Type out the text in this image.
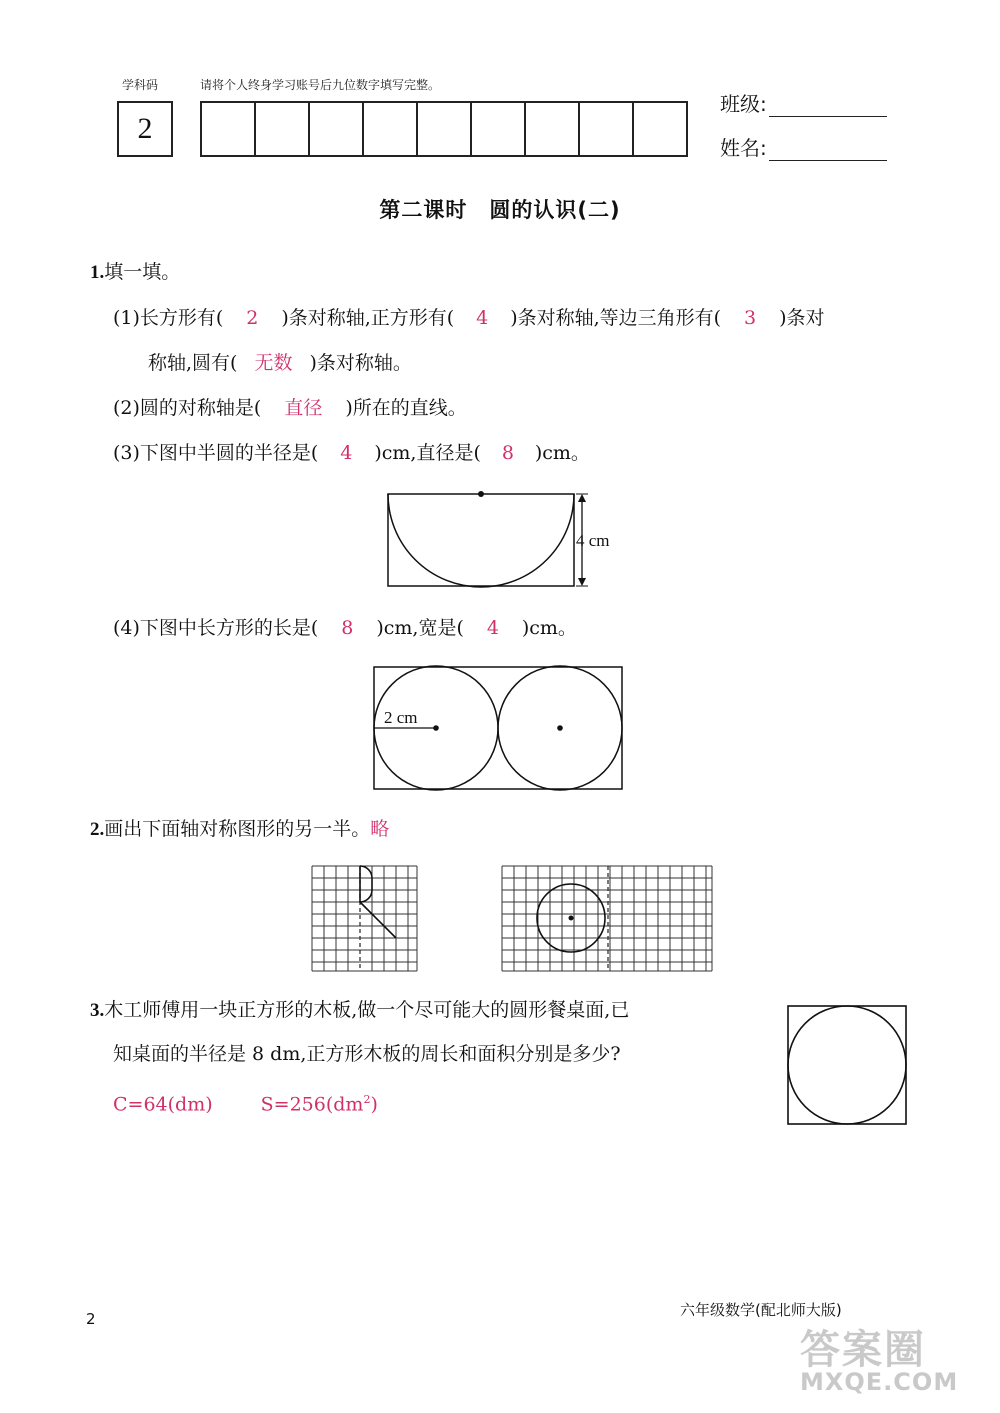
学科码	请将个人终身学习账号后九位数字填写完整。
2
班级:
姓名:
第二课时　圆的认识(二)
1.填一填。
(1)长方形有( 2 )条对称轴,正方形有( 4 )条对称轴,等边三角形有( 3 )条对
称轴,圆有( 无数 )条对称轴。
(2)圆的对称轴是( 直径 )所在的直线。
(3)下图中半圆的半径是( 4 )cm,直径是( 8 )cm。
4 cm
(4)下图中长方形的长是( 8 )cm,宽是( 4 )cm。
2 cm
2.画出下面轴对称图形的另一半。略
3.木工师傅用一块正方形的木板,做一个尽可能大的圆形餐桌面,已
知桌面的半径是 8 dm,正方形木板的周长和面积分别是多少?
C=64(dm)	$S=256(dm^2)$
2	六年级数学(配北师大版)
答案圈
MXQE.COM
